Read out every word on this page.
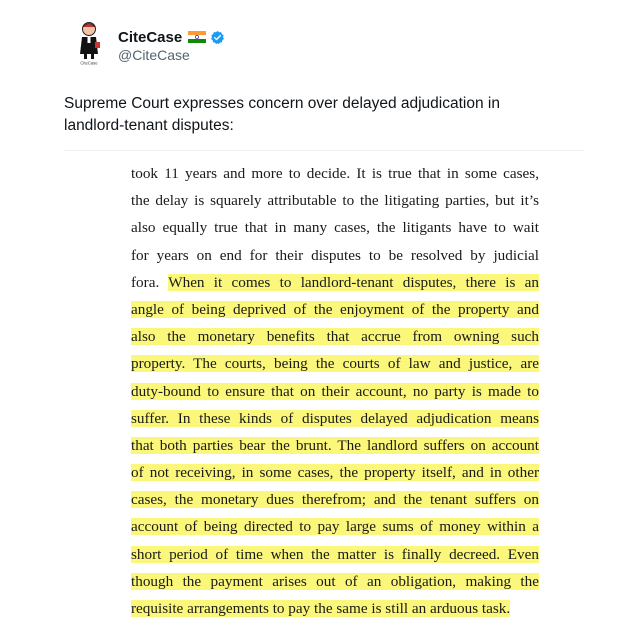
CiteCase
CiteCase
@CiteCase
Supreme Court expresses concern over delayed adjudication in landlord-tenant disputes:
took 11 years and more to decide. It is true that in some cases,
the delay is squarely attributable to the litigating parties, but it’s
also equally true that in many cases, the litigants have to wait
for years on end for their disputes to be resolved by judicial
fora. When it comes to landlord-tenant disputes, there is an
angle of being deprived of the enjoyment of the property and
also the monetary benefits that accrue from owning such
property. The courts, being the courts of law and justice, are
duty-bound to ensure that on their account, no party is made to
suffer. In these kinds of disputes delayed adjudication means
that both parties bear the brunt. The landlord suffers on account
of not receiving, in some cases, the property itself, and in other
cases, the monetary dues therefrom; and the tenant suffers on
account of being directed to pay large sums of money within a
short period of time when the matter is finally decreed. Even
though the payment arises out of an obligation, making the
requisite arrangements to pay the same is still an arduous task.
